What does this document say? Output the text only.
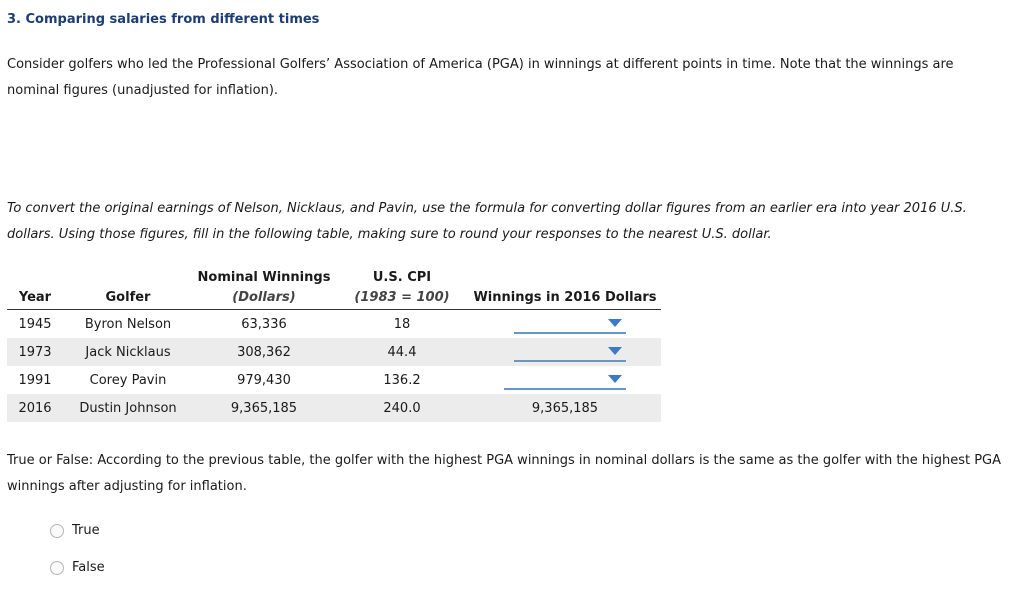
3. Comparing salaries from different times
Consider golfers who led the Professional Golfers’ Association of America (PGA) in winnings at different points in time. Note that the winnings are nominal figures (unadjusted for inflation).
To convert the original earnings of Nelson, Nicklaus, and Pavin, use the formula for converting dollar figures from an earlier era into year 2016 U.S. dollars. Using those figures, fill in the following table, making sure to round your responses to the nearest U.S. dollar.
		Nominal Winnings	U.S. CPI	
Year	Golfer	(Dollars)	(1983 = 100)	Winnings in 2016 Dollars
1945	Byron Nelson	63,336	18	

1973	Jack Nicklaus	308,362	44.4	

1991	Corey Pavin	979,430	136.2	

2016	Dustin Johnson	9,365,185	240.0	9,365,185
True or False: According to the previous table, the golfer with the highest PGA winnings in nominal dollars is the same as the golfer with the highest PGA winnings after adjusting for inflation.
True
False
